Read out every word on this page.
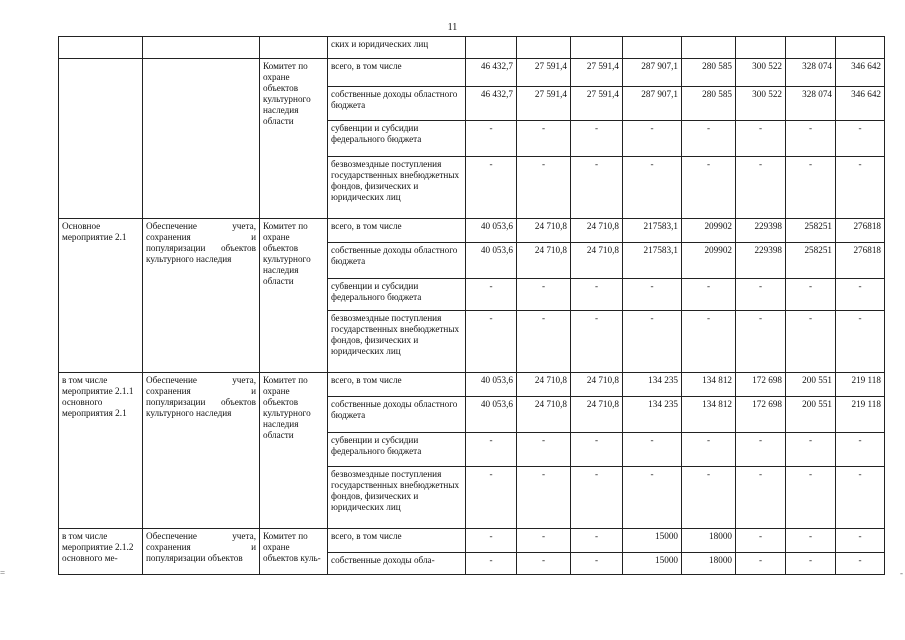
11
=	-
			ских и юридических лиц								
		Комитет по охране объектов культурного наследия области	всего, в том числе	46 432,7	27 591,4	27 591,4	287 907,1	280 585	300 522	328 074	346 642
			собственные доходы областного бюджета	46 432,7	27 591,4	27 591,4	287 907,1	280 585	300 522	328 074	346 642
			субвенции и субсидии федерального бюджета	-	-	-	-	-	-	-	-
			безвозмездные поступления государственных внебюджетных фондов, физических и юридических лиц	-	-	-	-	-	-	-	-
Основное мероприятие 2.1	Обеспечение учета, сохранения и популяризации объектов культурного наследия	Комитет по охране объектов культурного наследия области	всего, в том числе	40 053,6	24 710,8	24 710,8	217583,1	209902	229398	258251	276818
			собственные доходы областного бюджета	40 053,6	24 710,8	24 710,8	217583,1	209902	229398	258251	276818
			субвенции и субсидии федерального бюджета	-	-	-	-	-	-	-	-
			безвозмездные поступления государственных внебюджетных фондов, физических и юридических лиц	-	-	-	-	-	-	-	-
в том числе мероприятие 2.1.1 основного мероприятия 2.1	Обеспечение учета, сохранения и популяризации объектов культурного наследия	Комитет по охране объектов культурного наследия области	всего, в том числе	40 053,6	24 710,8	24 710,8	134 235	134 812	172 698	200 551	219 118
			собственные доходы областного бюджета	40 053,6	24 710,8	24 710,8	134 235	134 812	172 698	200 551	219 118
			субвенции и субсидии федерального бюджета	-	-	-	-	-	-	-	-
			безвозмездные поступления государственных внебюджетных фондов, физических и юридических лиц	-	-	-	-	-	-	-	-
в том числе мероприятие 2.1.2 основного ме-	Обеспечение учета, сохранения и популяризации объектов	Комитет по охране объектов куль-	всего, в том числе	-	-	-	15000	18000	-	-	-
			собственные доходы обла-	-	-	-	15000	18000	-	-	-
